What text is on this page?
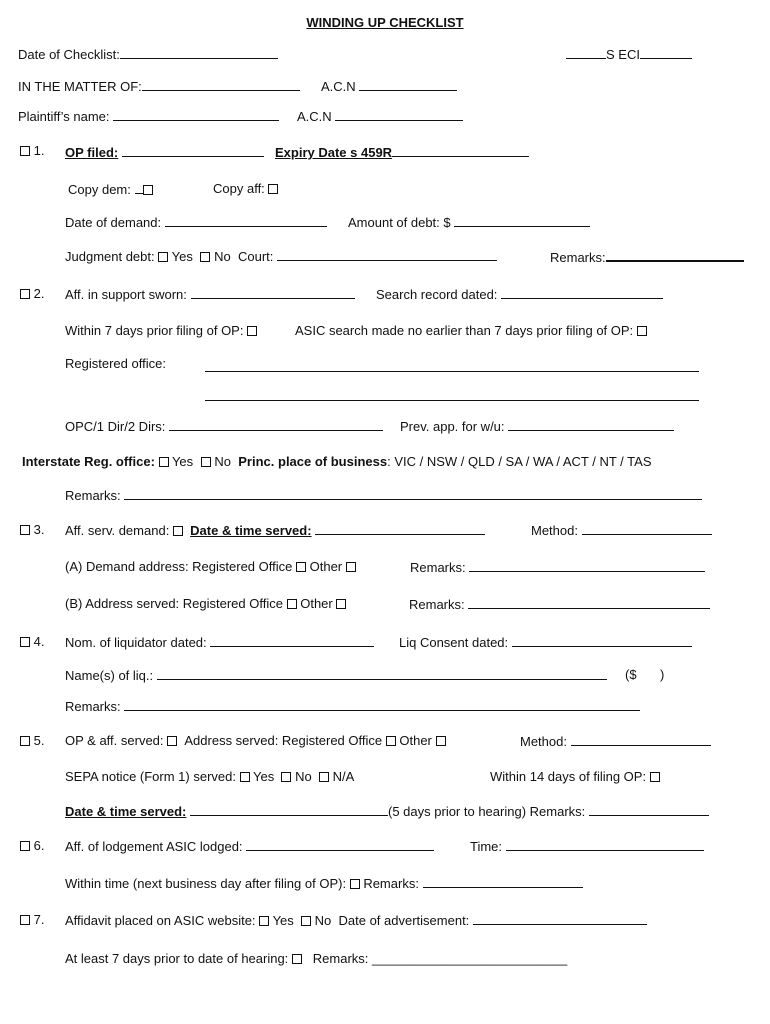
WINDING UP CHECKLIST
Date of Checklist:	S ECI
IN THE MATTER OF:	A.C.N
Plaintiff’s name:	A.C.N
1. OP filed:	Expiry Date s 459R
Copy dem:	Copy aff:
Date of demand:	Amount of debt: $
Judgment debt: Yes No Court:	Remarks:
2. Aff. in support sworn:	Search record dated:
Within 7 days prior filing of OP:	ASIC search made no earlier than 7 days prior filing of OP:
Registered office:
OPC/1 Dir/2 Dirs:	Prev. app. for w/u:
Interstate Reg. office: Yes No Princ. place of business: VIC / NSW / QLD / SA / WA / ACT / NT / TAS
Remarks:
3. Aff. serv. demand: Date & time served:	Method:
(A) Demand address: Registered Office Other	Remarks:
(B) Address served: Registered Office Other	Remarks:
4. Nom. of liquidator dated:	Liq Consent dated:
Name(s) of liq.:	($ )
Remarks:
5. OP & aff. served: Address served: Registered Office Other	Method:
SEPA notice (Form 1) served: Yes No N/A	Within 14 days of filing OP:
Date & time served:	(5 days prior to hearing) Remarks:
6. Aff. of lodgement ASIC lodged:	Time:
Within time (next business day after filing of OP): Remarks:
7. Affidavit placed on ASIC website: Yes No Date of advertisement:
At least 7 days prior to date of hearing: Remarks: ___________________________
